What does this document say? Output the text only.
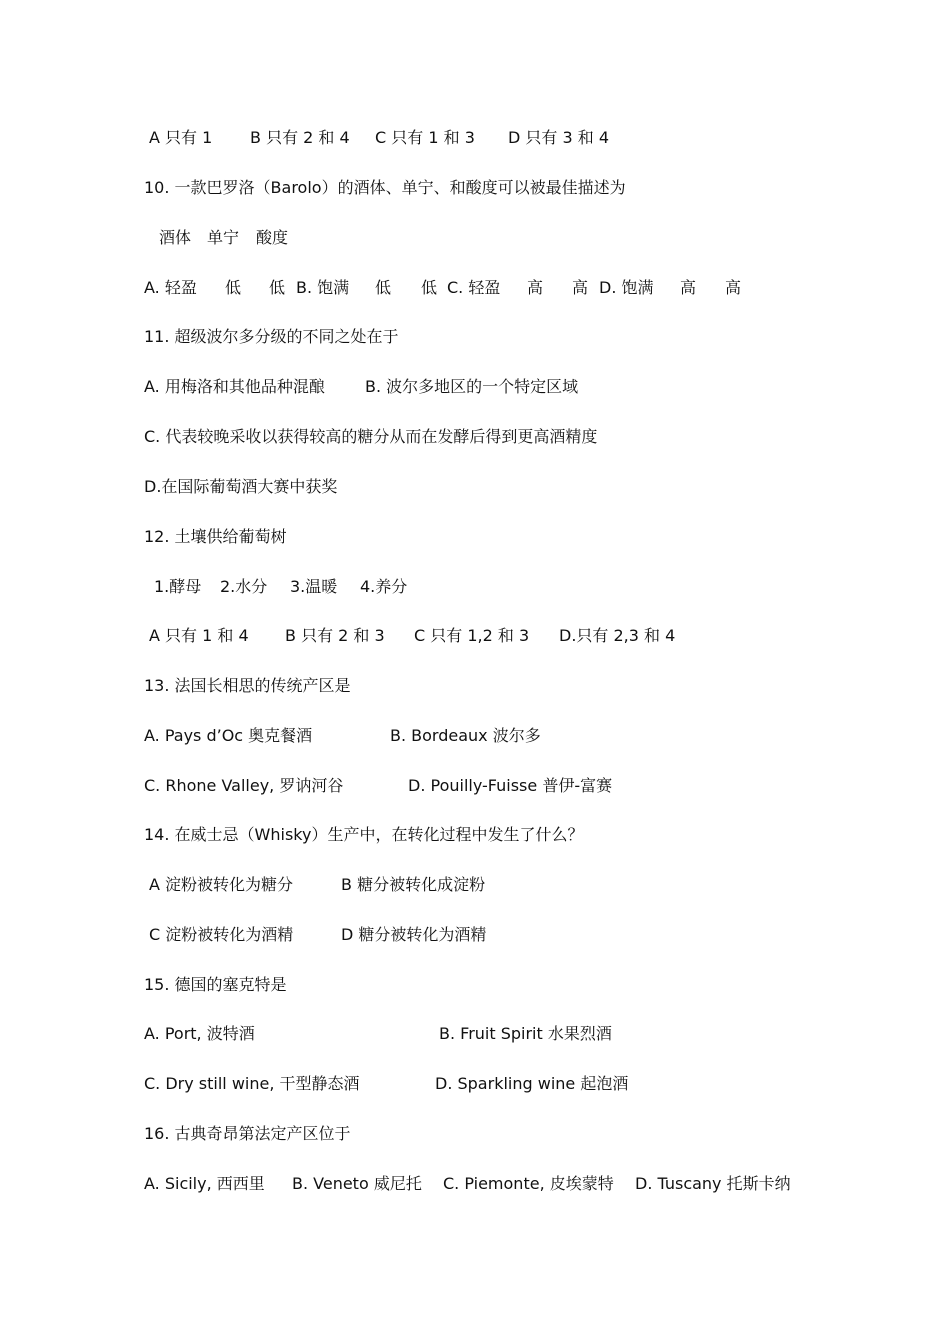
A 只有 1 B 只有 2 和 4 C 只有 1 和 3 D 只有 3 和 4
10. 一款巴罗洛（Barolo）的酒体、单宁、和酸度可以被最佳描述为
酒体 单宁 酸度
A. 轻盈 低 低 B. 饱满 低 低 C. 轻盈 高 高 D. 饱满 高 高
11. 超级波尔多分级的不同之处在于
A. 用梅洛和其他品种混酿	B. 波尔多地区的一个特定区域
C. 代表较晚采收以获得较高的糖分从而在发酵后得到更高酒精度
D.在国际葡萄酒大赛中获奖
12. 土壤供给葡萄树
1.酵母 2.水分 3.温暖 4.养分
A 只有 1 和 4 B 只有 2 和 3 C 只有 1,2 和 3 D.只有 2,3 和 4
13. 法国长相思的传统产区是
A. Pays d’Oc 奥克餐酒	B. Bordeaux 波尔多
C. Rhone Valley, 罗讷河谷	D. Pouilly-Fuisse 普伊-富赛
14. 在威士忌（Whisky）生产中，在转化过程中发生了什么？
A 淀粉被转化为糖分	B 糖分被转化成淀粉
C 淀粉被转化为酒精	D 糖分被转化为酒精
15. 德国的塞克特是
A. Port, 波特酒	B. Fruit Spirit 水果烈酒
C. Dry still wine, 干型静态酒	D. Sparkling wine 起泡酒
16. 古典奇昂第法定产区位于
A. Sicily, 西西里 B. Veneto 威尼托 C. Piemonte, 皮埃蒙特 D. Tuscany 托斯卡纳
